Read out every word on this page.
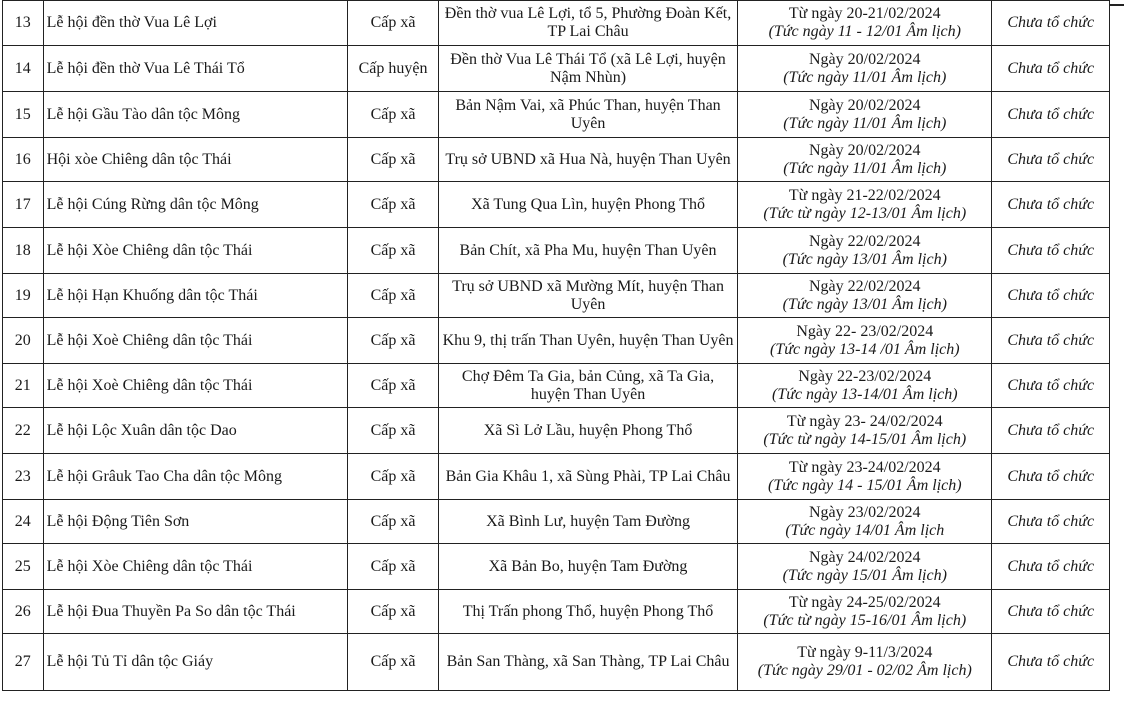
13	Lễ hội đền thờ Vua Lê Lợi	Cấp xã	Đền thờ vua Lê Lợi, tổ 5, Phường Đoàn Kết, TP Lai Châu	Từ ngày 20-21/02/2024
(Tức ngày 11 - 12/01 Âm lịch)	Chưa tổ chức
14	Lễ hội đền thờ Vua Lê Thái Tổ	Cấp huyện	Đền thờ Vua Lê Thái Tổ (xã Lê Lợi, huyện Nậm Nhùn)	Ngày 20/02/2024
(Tức ngày 11/01 Âm lịch)	Chưa tổ chức
15	Lễ hội Gầu Tào dân tộc Mông	Cấp xã	Bản Nậm Vai, xã Phúc Than, huyện Than Uyên	Ngày 20/02/2024
(Tức ngày 11/01 Âm lịch)	Chưa tổ chức
16	Hội xòe Chiêng dân tộc Thái	Cấp xã	Trụ sở UBND xã Hua Nà, huyện Than Uyên	Ngày 20/02/2024
(Tức ngày 11/01 Âm lịch)	Chưa tổ chức
17	Lễ hội Cúng Rừng dân tộc Mông	Cấp xã	Xã Tung Qua Lìn, huyện Phong Thổ	Từ ngày 21-22/02/2024
(Tức từ ngày 12-13/01 Âm lịch)	Chưa tổ chức
18	Lễ hội Xòe Chiêng dân tộc Thái	Cấp xã	Bản Chít, xã Pha Mu, huyện Than Uyên	Ngày 22/02/2024
(Tức ngày 13/01 Âm lịch)	Chưa tổ chức
19	Lễ hội Hạn Khuống dân tộc Thái	Cấp xã	Trụ sở UBND xã Mường Mít, huyện Than Uyên	Ngày 22/02/2024
(Tức ngày 13/01 Âm lịch)	Chưa tổ chức
20	Lễ hội Xoè Chiêng dân tộc Thái	Cấp xã	Khu 9, thị trấn Than Uyên, huyện Than Uyên	Ngày 22- 23/02/2024
(Tức ngày 13-14 /01 Âm lịch)	Chưa tổ chức
21	Lễ hội Xoè Chiêng dân tộc Thái	Cấp xã	Chợ Đêm Ta Gia, bản Củng, xã Ta Gia, huyện Than Uyên	Ngày 22-23/02/2024
(Tức ngày 13-14/01 Âm lịch)	Chưa tổ chức
22	Lễ hội Lộc Xuân dân tộc Dao	Cấp xã	Xã Sì Lở Lầu, huyện Phong Thổ	Từ ngày 23- 24/02/2024
(Tức từ ngày 14-15/01 Âm lịch)	Chưa tổ chức
23	Lễ hội Grâuk Tao Cha dân tộc Mông	Cấp xã	Bản Gia Khâu 1, xã Sùng Phài, TP Lai Châu	Từ ngày 23-24/02/2024
(Tức ngày 14 - 15/01 Âm lịch)	Chưa tổ chức
24	Lễ hội Động Tiên Sơn	Cấp xã	Xã Bình Lư, huyện Tam Đường	Ngày 23/02/2024
(Tức ngày 14/01 Âm lịch	Chưa tổ chức
25	Lễ hội Xòe Chiêng dân tộc Thái	Cấp xã	Xã Bản Bo, huyện Tam Đường	Ngày 24/02/2024
(Tức ngày 15/01 Âm lịch)	Chưa tổ chức
26	Lễ hội Đua Thuyền Pa So dân tộc Thái	Cấp xã	Thị Trấn phong Thổ, huyện Phong Thổ	Từ ngày 24-25/02/2024
(Tức từ ngày 15-16/01 Âm lịch)	Chưa tổ chức
27	Lễ hội Tủ Tỉ dân tộc Giáy	Cấp xã	Bản San Thàng, xã San Thàng, TP Lai Châu	Từ ngày 9-11/3/2024
(Tức ngày 29/01 - 02/02 Âm lịch)	Chưa tổ chức
